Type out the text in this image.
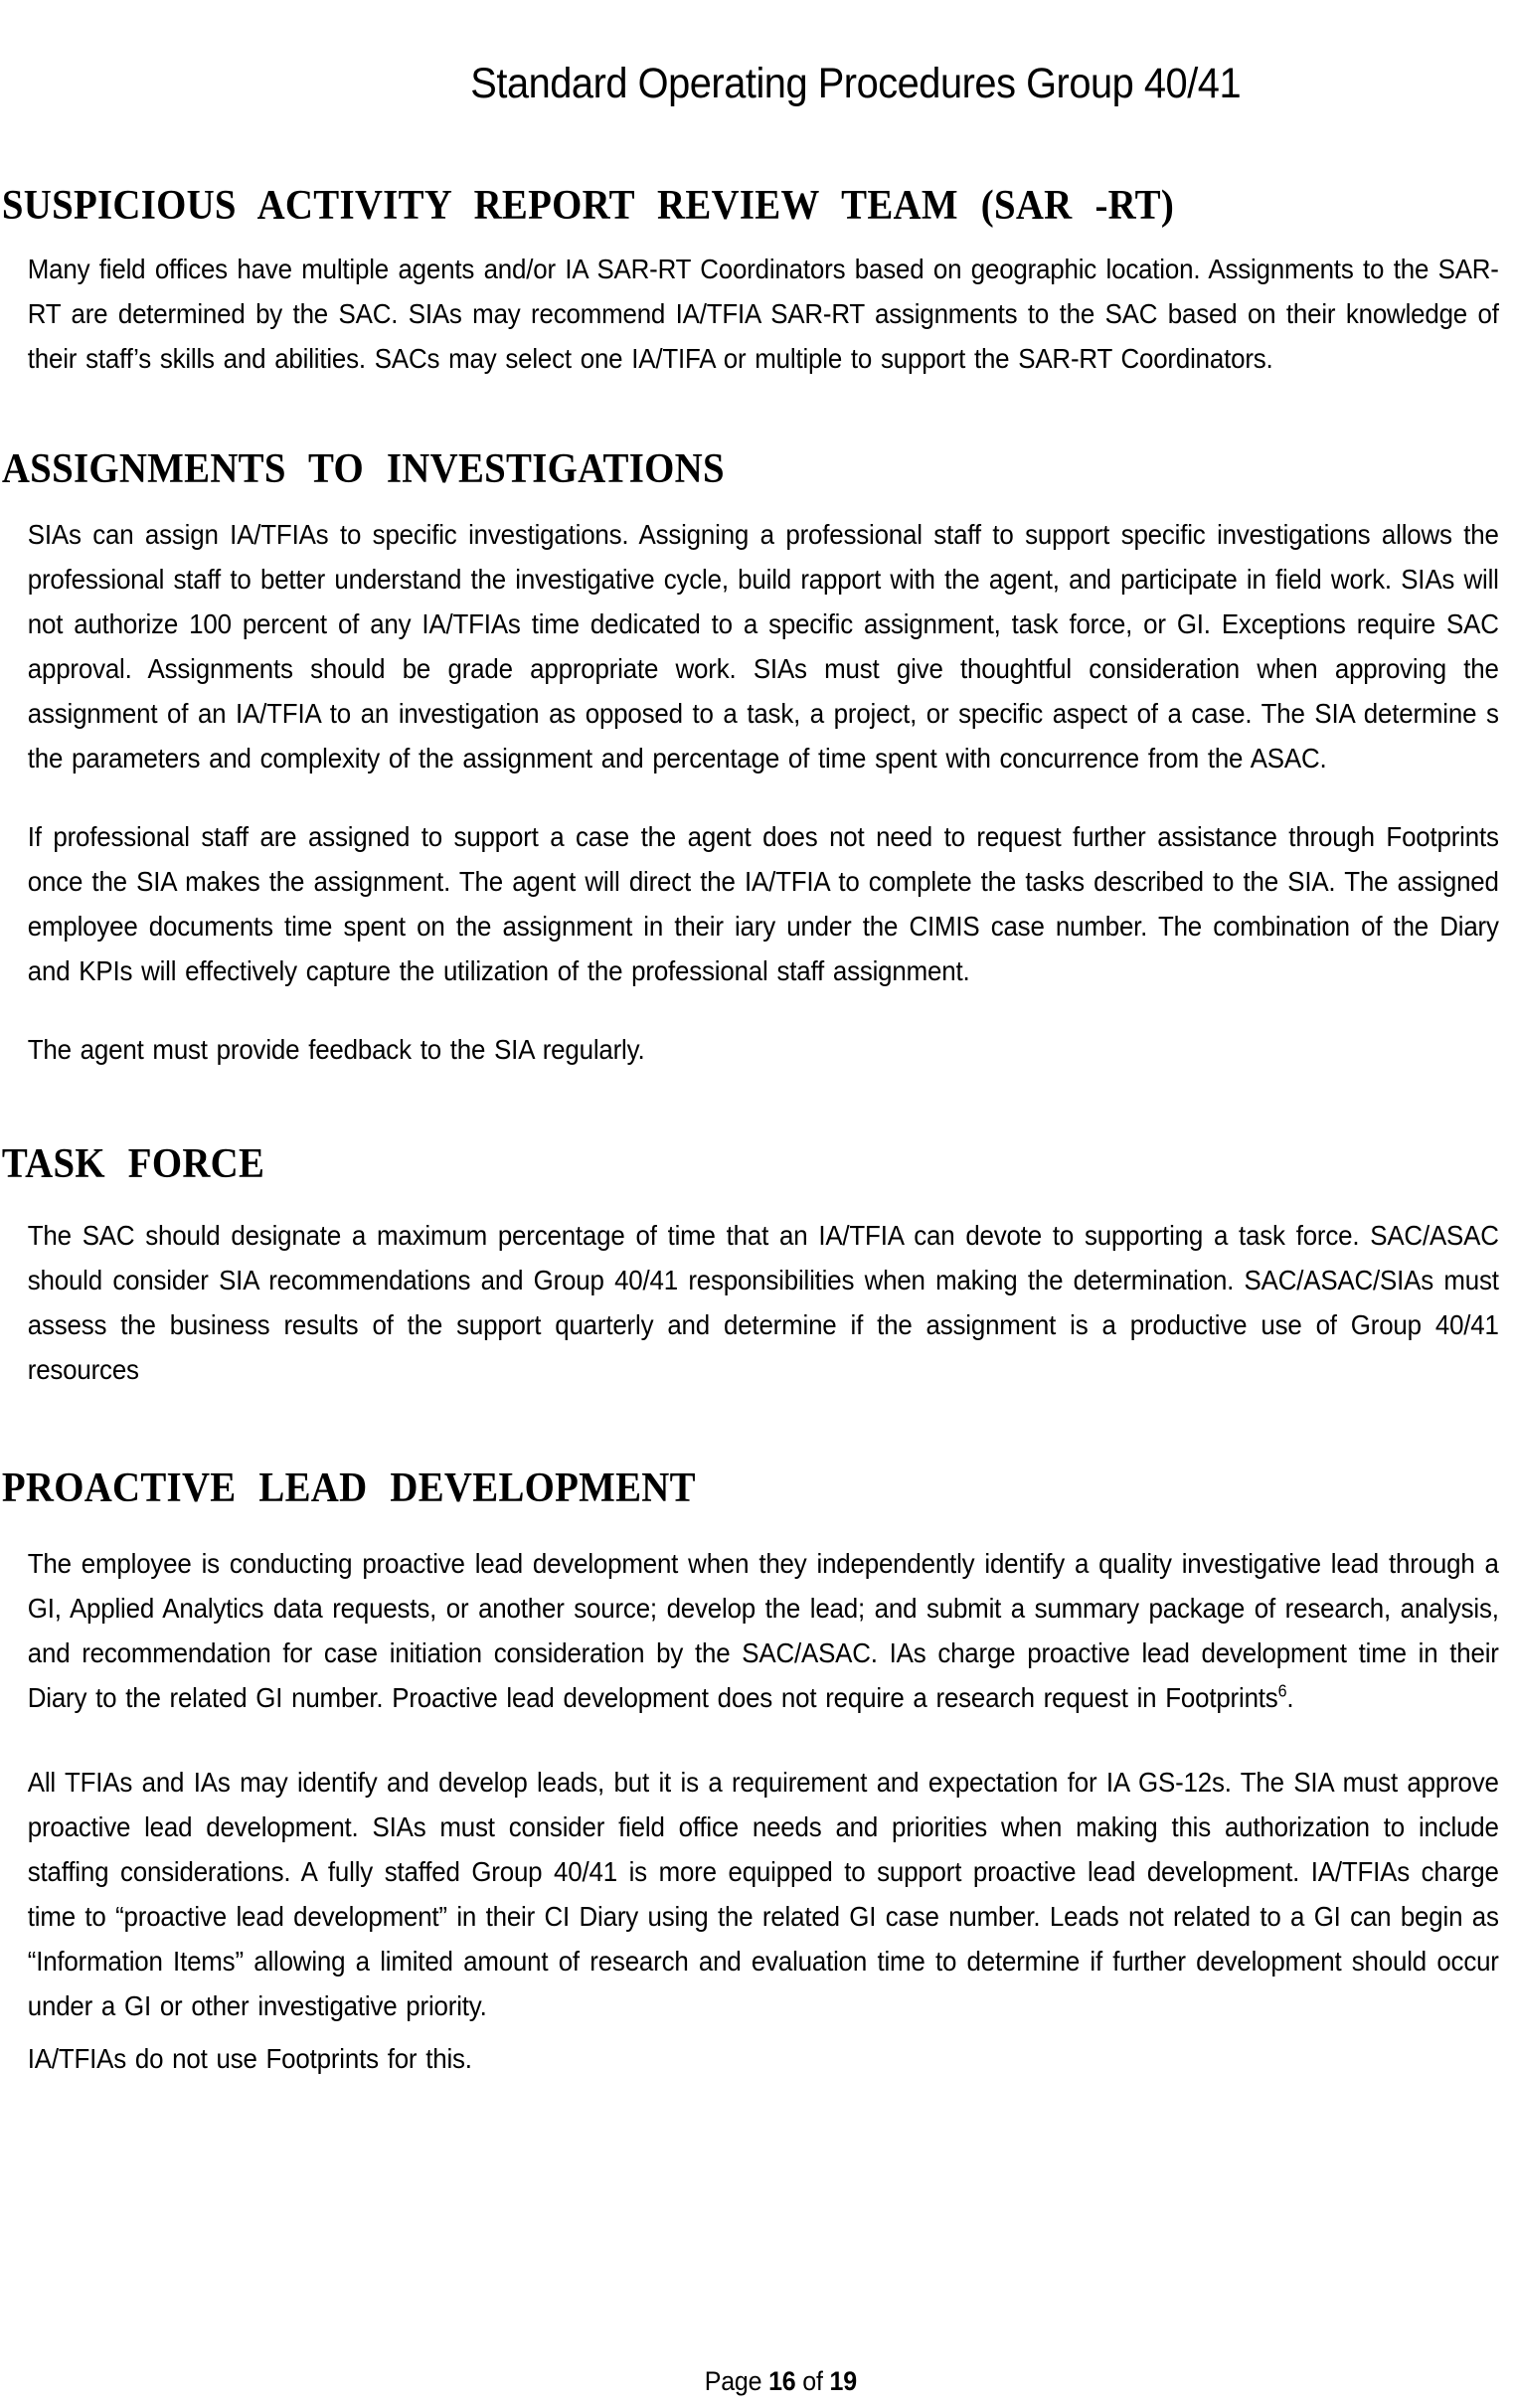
Standard Operating Procedures Group 40/41
SUSPICIOUS ACTIVITY REPORT REVIEW TEAM (SAR -RT)

Many field offices have multiple agents and/or IA SAR-RT Coordinators based on geographic location. Assignments to the SAR-RT are determined by the SAC. SIAs may recommend IA/TFIA SAR-RT assignments to the SAC based on their knowledge of their staff’s skills and abilities. SACs may select one IA/TIFA or multiple to support the SAR-RT Coordinators.

ASSIGNMENTS TO INVESTIGATIONS

SIAs can assign IA/TFIAs to specific investigations. Assigning a professional staff to support specific investigations allows the professional staff to better understand the investigative cycle, build rapport with the agent, and participate in field work. SIAs will not authorize 100 percent of any IA/TFIAs time dedicated to a specific assignment, task force, or GI. Exceptions require SAC approval. Assignments should be grade appropriate work. SIAs must give thoughtful consideration when approving the assignment of an IA/TFIA to an investigation as opposed to a task, a project, or specific aspect of a case. The SIA determine s the parameters and complexity of the assignment and percentage of time spent with concurrence from the ASAC.

If professional staff are assigned to support a case the agent does not need to request further assistance through Footprints once the SIA makes the assignment. The agent will direct the IA/TFIA to complete the tasks described to the SIA. The assigned employee documents time spent on the assignment in their iary under the CIMIS case number. The combination of the Diary and KPIs will effectively capture the utilization of the professional staff assignment.

The agent must provide feedback to the SIA regularly.

TASK FORCE

The SAC should designate a maximum percentage of time that an IA/TFIA can devote to supporting a task force. SAC/ASAC should consider SIA recommendations and Group 40/41 responsibilities when making the determination. SAC/ASAC/SIAs must assess the business results of the support quarterly and determine if the assignment is a productive use of Group 40/41 resources

PROACTIVE LEAD DEVELOPMENT

The employee is conducting proactive lead development when they independently identify a quality investigative lead through a GI, Applied Analytics data requests, or another source; develop the lead; and submit a summary package of research, analysis, and recommendation for case initiation consideration by the SAC/ASAC. IAs charge proactive lead development time in their Diary to the related GI number. Proactive lead development does not require a research request in Footprints$^6$.

All TFIAs and IAs may identify and develop leads, but it is a requirement and expectation for IA GS-12s. The SIA must approve proactive lead development. SIAs must consider field office needs and priorities when making this authorization to include staffing considerations. A fully staffed Group 40/41 is more equipped to support proactive lead development. IA/TFIAs charge time to “proactive lead development” in their CI Diary using the related GI case number. Leads not related to a GI can begin as “Information Items” allowing a limited amount of research and evaluation time to determine if further development should occur under a GI or other investigative priority.

IA/TFIAs do not use Footprints for this.

Page 16 of 19
